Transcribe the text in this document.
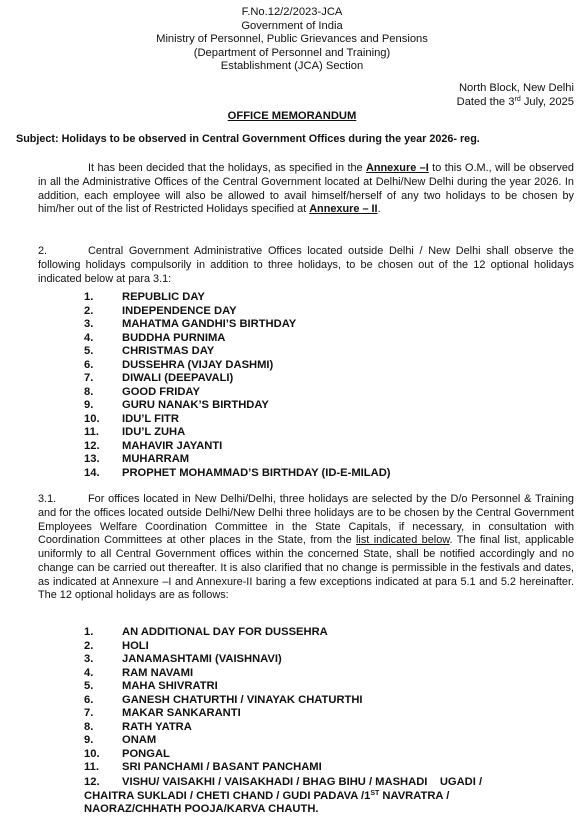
F.No.12/2/2023-JCA
Government of India
Ministry of Personnel, Public Grievances and Pensions
(Department of Personnel and Training)
Establishment (JCA) Section
North Block, New Delhi
Dated the 3rd July, 2025
OFFICE MEMORANDUM
Subject: Holidays to be observed in Central Government Offices during the year 2026- reg.
It has been decided that the holidays, as specified in the Annexure –I to this O.M., will be observed in all the Administrative Offices of the Central Government located at Delhi/New Delhi during the year 2026. In addition, each employee will also be allowed to avail himself/herself of any two holidays to be chosen by him/her out of the list of Restricted Holidays specified at Annexure – II.
2.	Central Government Administrative Offices located outside Delhi / New Delhi shall observe the following holidays compulsorily in addition to three holidays, to be chosen out of the 12 optional holidays indicated below at para 3.1:
1.	REPUBLIC DAY
2.	INDEPENDENCE DAY
3.	MAHATMA GANDHI’S BIRTHDAY
4.	BUDDHA PURNIMA
5.	CHRISTMAS DAY
6.	DUSSEHRA (VIJAY DASHMI)
7.	DIWALI (DEEPAVALI)
8.	GOOD FRIDAY
9.	GURU NANAK’S BIRTHDAY
10. IDU’L FITR
11. IDU’L ZUHA
12. MAHAVIR JAYANTI
13. MUHARRAM
14. PROPHET MOHAMMAD’S BIRTHDAY (ID-E-MILAD)
3.1.	For offices located in New Delhi/Delhi, three holidays are selected by the D/o Personnel & Training and for the offices located outside Delhi/New Delhi three holidays are to be chosen by the Central Government Employees Welfare Coordination Committee in the State Capitals, if necessary, in consultation with Coordination Committees at other places in the State, from the list indicated below. The final list, applicable uniformly to all Central Government offices within the concerned State, shall be notified accordingly and no change can be carried out thereafter. It is also clarified that no change is permissible in the festivals and dates, as indicated at Annexure –I and Annexure-II baring a few exceptions indicated at para 5.1 and 5.2 hereinafter. The 12 optional holidays are as follows:
1.	AN ADDITIONAL DAY FOR DUSSEHRA
2.	HOLI
3.	JANAMASHTAMI (VAISHNAVI)
4.	RAM NAVAMI
5.	MAHA SHIVRATRI
6.	GANESH CHATURTHI / VINAYAK CHATURTHI
7.	MAKAR SANKARANTI
8.	RATH YATRA
9.	ONAM
10. PONGAL
11. SRI PANCHAMI / BASANT PANCHAMI
12. VISHU/ VAISAKHI / VAISAKHADI / BHAG BIHU / MASHADI    UGADI /
CHAITRA SUKLADI / CHETI CHAND / GUDI PADAVA /1ST NAVRATRA /
NAORAZ/CHHATH POOJA/KARVA CHAUTH.
